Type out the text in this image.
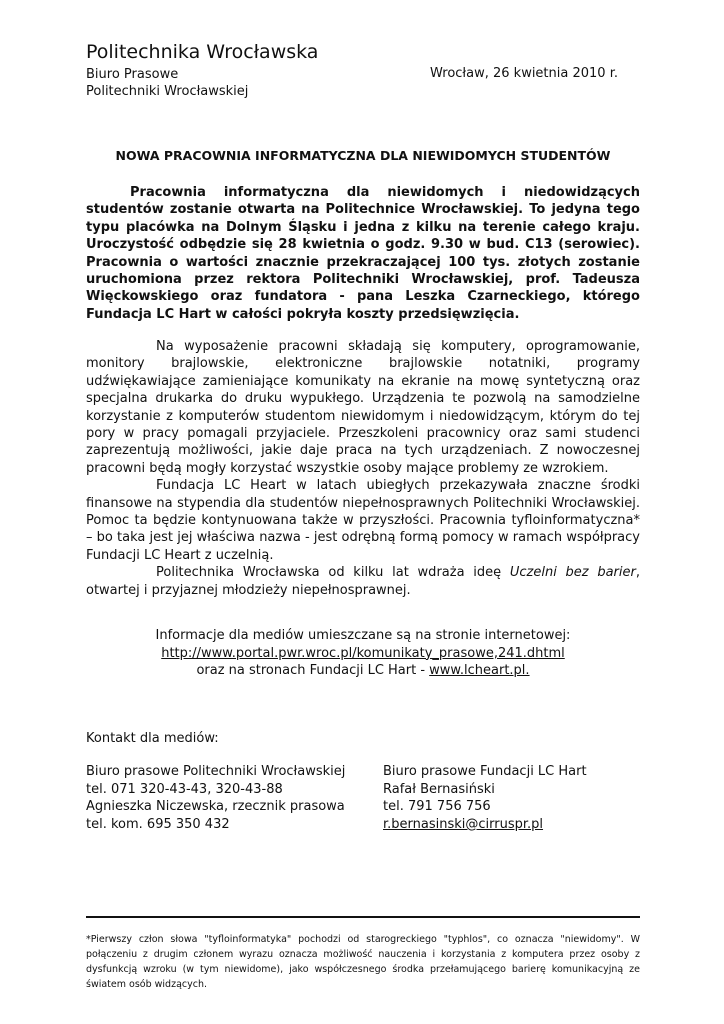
Politechnika Wrocławska
Biuro Prasowe
Politechniki Wrocławskiej
Wrocław, 26 kwietnia 2010 r.
NOWA PRACOWNIA INFORMATYCZNA DLA NIEWIDOMYCH STUDENTÓW

Pracownia informatyczna dla niewidomych i niedowidzących studentów zostanie otwarta na Politechnice Wrocławskiej. To jedyna tego typu placówka na Dolnym Śląsku i jedna z kilku na terenie całego kraju. Uroczystość odbędzie się 28 kwietnia o godz. 9.30 w bud. C13 (serowiec). Pracownia o wartości znacznie przekraczającej 100 tys. złotych zostanie uruchomiona przez rektora Politechniki Wrocławskiej, prof. Tadeusza Więckowskiego oraz fundatora - pana Leszka Czarneckiego, którego Fundacja LC Hart w całości pokryła koszty przedsięwzięcia.

Na wyposażenie pracowni składają się komputery, oprogramowanie, monitory brajlowskie, elektroniczne brajlowskie notatniki, programy udźwiękawiające zamieniające komunikaty na ekranie na mowę syntetyczną oraz specjalna drukarka do druku wypukłego. Urządzenia te pozwolą na samodzielne korzystanie z komputerów studentom niewidomym i niedowidzącym, którym do tej pory w pracy pomagali przyjaciele. Przeszkoleni pracownicy oraz sami studenci zaprezentują możliwości, jakie daje praca na tych urządzeniach. Z nowoczesnej pracowni będą mogły korzystać wszystkie osoby mające problemy ze wzrokiem.

Fundacja LC Heart w latach ubiegłych przekazywała znaczne środki finansowe na stypendia dla studentów niepełnosprawnych Politechniki Wrocławskiej. Pomoc ta będzie kontynuowana także w przyszłości. Pracownia tyfloinformatyczna* – bo taka jest jej właściwa nazwa - jest odrębną formą pomocy w ramach współpracy Fundacji LC Heart z uczelnią.

Politechnika Wrocławska od kilku lat wdraża ideę Uczelni bez barier, otwartej i przyjaznej młodzieży niepełnosprawnej.

Informacje dla mediów umieszczane są na stronie internetowej:
http://www.portal.pwr.wroc.pl/komunikaty_prasowe,241.dhtml
oraz na stronach Fundacji LC Hart - www.lcheart.pl.
Kontakt dla mediów:
Biuro prasowe Politechniki Wrocławskiej
tel. 071 320-43-43, 320-43-88
Agnieszka Niczewska, rzecznik prasowa
tel. kom. 695 350 432
Biuro prasowe Fundacji LC Hart
Rafał Bernasiński
tel. 791 756 756
r.bernasinski@cirruspr.pl

*Pierwszy człon słowa "tyfloinformatyka" pochodzi od starogreckiego "typhlos", co oznacza "niewidomy". W połączeniu z drugim członem wyrazu oznacza możliwość nauczenia i korzystania z komputera przez osoby z dysfunkcją wzroku (w tym niewidome), jako współczesnego środka przełamującego barierę komunikacyjną ze światem osób widzących.
